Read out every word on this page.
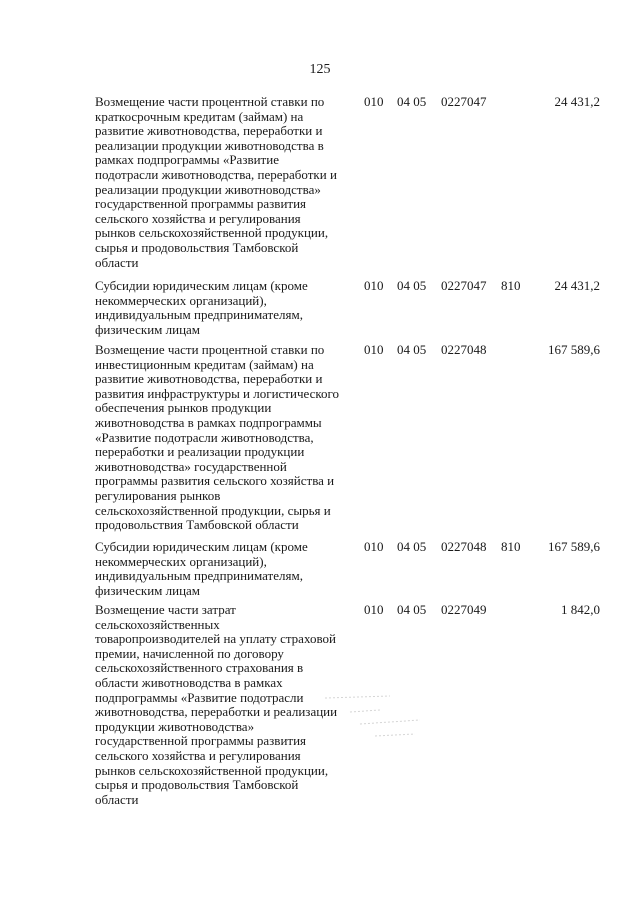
125
Возмещение части процентной ставки по
краткосрочным кредитам (займам) на
развитие животноводства, переработки и
реализации продукции животноводства в
рамках подпрограммы «Развитие
подотрасли животноводства, переработки и
реализации продукции животноводства»
государственной программы развития
сельского хозяйства и регулирования
рынков сельскохозяйственной продукции,
сырья и продовольствия Тамбовской
области
010 04 05 0227047	24 431,2
Субсидии юридическим лицам (кроме
некоммерческих организаций),
индивидуальным предпринимателям,
физическим лицам
010 04 05 0227047 810	24 431,2
Возмещение части процентной ставки по
инвестиционным кредитам (займам) на
развитие животноводства, переработки и
развития инфраструктуры и логистического
обеспечения рынков продукции
животноводства в рамках подпрограммы
«Развитие подотрасли животноводства,
переработки и реализации продукции
животноводства» государственной
программы развития сельского хозяйства и
регулирования рынков
сельскохозяйственной продукции, сырья и
продовольствия Тамбовской области
010 04 05 0227048	167 589,6
Субсидии юридическим лицам (кроме
некоммерческих организаций),
индивидуальным предпринимателям,
физическим лицам
010 04 05 0227048 810 167 589,6
Возмещение части затрат
сельскохозяйственных
товаропроизводителей на уплату страховой
премии, начисленной по договору
сельскохозяйственного страхования в
области животноводства в рамках
подпрограммы «Развитие подотрасли
животноводства, переработки и реализации
продукции животноводства»
государственной программы развития
сельского хозяйства и регулирования
рынков сельскохозяйственной продукции,
сырья и продовольствия Тамбовской
области
010 04 05 0227049	1 842,0
